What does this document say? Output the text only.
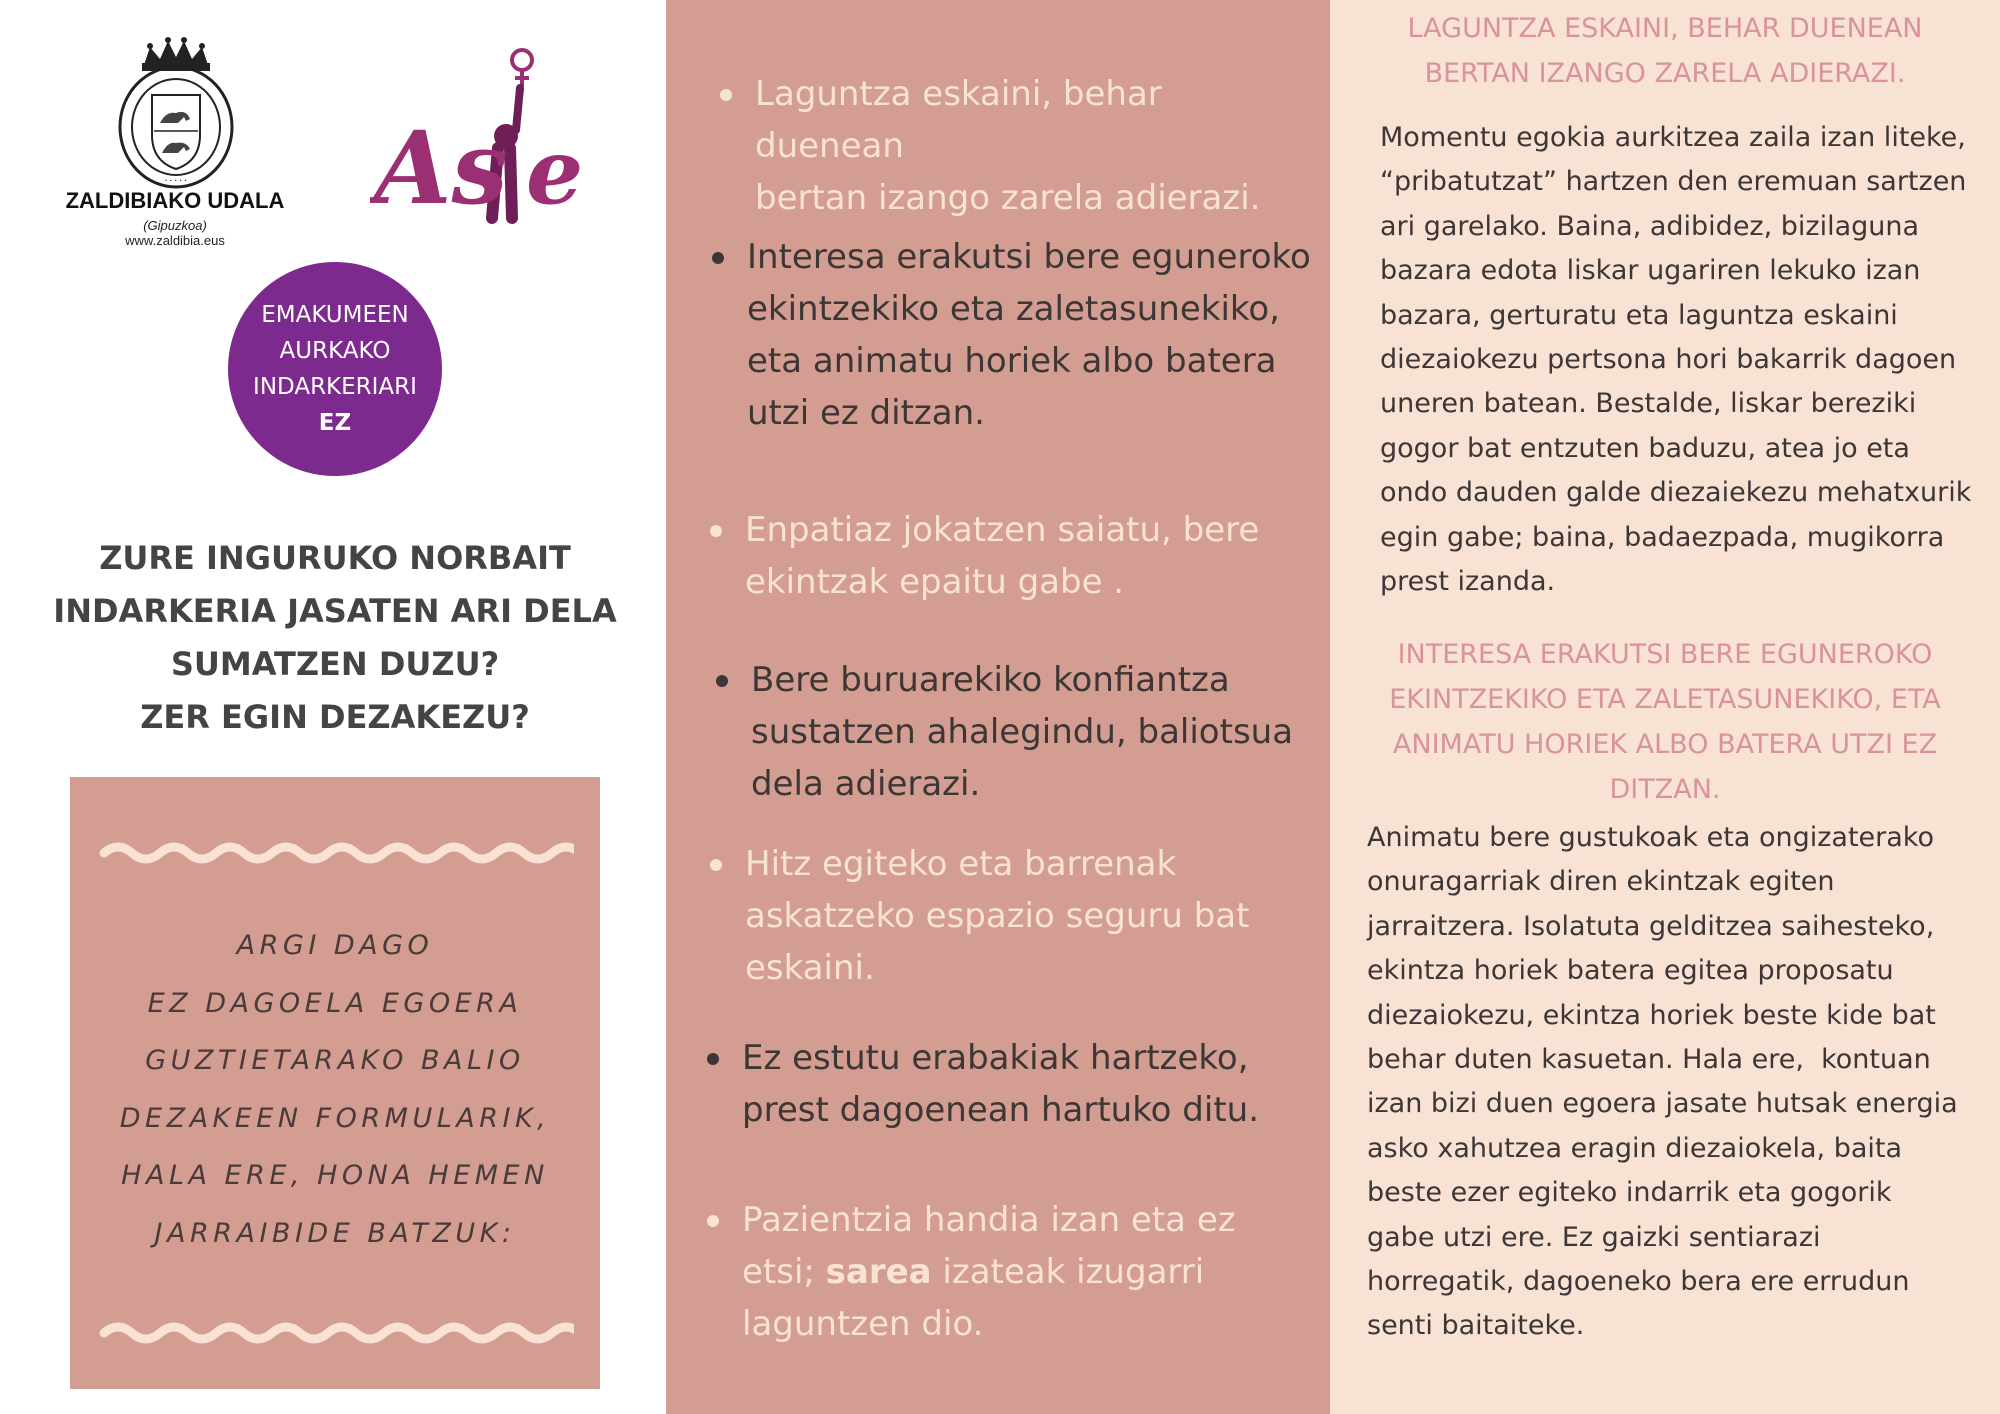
· · · · ·
ZALDIBIAKO UDALA
(Gipuzkoa)
www.zaldibia.eus
As e
EMAKUMEEN
AURKAKO
INDARKERIARI
EZ
ZURE INGURUKO NORBAIT
INDARKERIA JASATEN ARI DELA
SUMATZEN DUZU?
ZER EGIN DEZAKEZU?
ARGI DAGO
EZ DAGOELA EGOERA
GUZTIETARAKO BALIO
DEZAKEEN FORMULARIK,
HALA ERE, HONA HEMEN
JARRAIBIDE BATZUK:
Laguntza eskaini, behar duenean
bertan izango zarela adierazi.
Interesa erakutsi bere eguneroko
ekintzekiko eta zaletasunekiko,
eta animatu horiek albo batera
utzi ez ditzan.
Enpatiaz jokatzen saiatu, bere
ekintzak epaitu gabe .
Bere buruarekiko konfiantza
sustatzen ahalegindu, baliotsua
dela adierazi.
Hitz egiteko eta barrenak
askatzeko espazio seguru bat
eskaini.
Ez estutu erabakiak hartzeko,
prest dagoenean hartuko ditu.
Pazientzia handia izan eta ez
etsi; sarea izateak izugarri
laguntzen dio.
LAGUNTZA ESKAINI, BEHAR DUENEAN
BERTAN IZANGO ZARELA ADIERAZI.
Momentu egokia aurkitzea zaila izan liteke,
“pribatutzat” hartzen den eremuan sartzen
ari garelako. Baina, adibidez, bizilaguna
bazara edota liskar ugariren lekuko izan
bazara, gerturatu eta laguntza eskaini
diezaiokezu pertsona hori bakarrik dagoen
uneren batean. Bestalde, liskar bereziki
gogor bat entzuten baduzu, atea jo eta
ondo dauden galde diezaiekezu mehatxurik
egin gabe; baina, badaezpada, mugikorra
prest izanda.
INTERESA ERAKUTSI BERE EGUNEROKO
EKINTZEKIKO ETA ZALETASUNEKIKO, ETA
ANIMATU HORIEK ALBO BATERA UTZI EZ
DITZAN.
Animatu bere gustukoak eta ongizaterako
onuragarriak diren ekintzak egiten
jarraitzera. Isolatuta gelditzea saihesteko,
ekintza horiek batera egitea proposatu
diezaiokezu, ekintza horiek beste kide bat
behar duten kasuetan. Hala ere,  kontuan
izan bizi duen egoera jasate hutsak energia
asko xahutzea eragin diezaiokela, baita
beste ezer egiteko indarrik eta gogorik
gabe utzi ere. Ez gaizki sentiarazi
horregatik, dagoeneko bera ere errudun
senti baitaiteke.
